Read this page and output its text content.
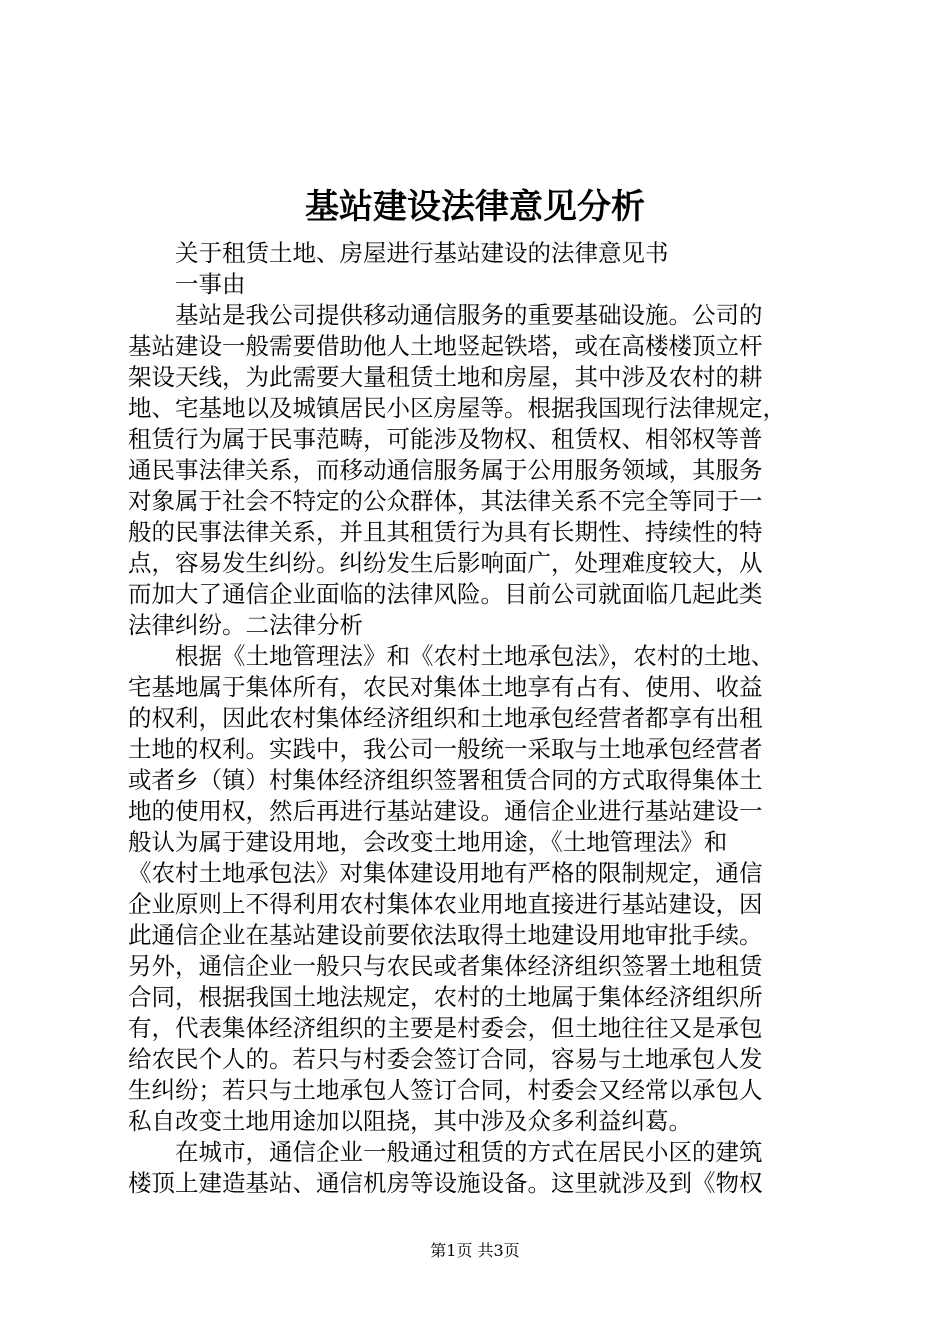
基站建设法律意见分析
关于租赁土地、房屋进行基站建设的法律意见书
一事由
基站是我公司提供移动通信服务的重要基础设施。公司的
基站建设一般需要借助他人土地竖起铁塔，或在高楼楼顶立杆
架设天线，为此需要大量租赁土地和房屋，其中涉及农村的耕
地、宅基地以及城镇居民小区房屋等。根据我国现行法律规定，
租赁行为属于民事范畴，可能涉及物权、租赁权、相邻权等普
通民事法律关系，而移动通信服务属于公用服务领域，其服务
对象属于社会不特定的公众群体，其法律关系不完全等同于一
般的民事法律关系，并且其租赁行为具有长期性、持续性的特
点，容易发生纠纷。纠纷发生后影响面广，处理难度较大，从
而加大了通信企业面临的法律风险。目前公司就面临几起此类
法律纠纷。二法律分析
根据《土地管理法》和《农村土地承包法》，农村的土地、
宅基地属于集体所有，农民对集体土地享有占有、使用、收益
的权利，因此农村集体经济组织和土地承包经营者都享有出租
土地的权利。实践中，我公司一般统一采取与土地承包经营者
或者乡（镇）村集体经济组织签署租赁合同的方式取得集体土
地的使用权，然后再进行基站建设。通信企业进行基站建设一
般认为属于建设用地，会改变土地用途，《土地管理法》和
《农村土地承包法》对集体建设用地有严格的限制规定，通信
企业原则上不得利用农村集体农业用地直接进行基站建设，因
此通信企业在基站建设前要依法取得土地建设用地审批手续。
另外，通信企业一般只与农民或者集体经济组织签署土地租赁
合同，根据我国土地法规定，农村的土地属于集体经济组织所
有，代表集体经济组织的主要是村委会，但土地往往又是承包
给农民个人的。若只与村委会签订合同，容易与土地承包人发
生纠纷；若只与土地承包人签订合同，村委会又经常以承包人
私自改变土地用途加以阻挠，其中涉及众多利益纠葛。
在城市，通信企业一般通过租赁的方式在居民小区的建筑
楼顶上建造基站、通信机房等设施设备。这里就涉及到《物权
第1页 共3页
